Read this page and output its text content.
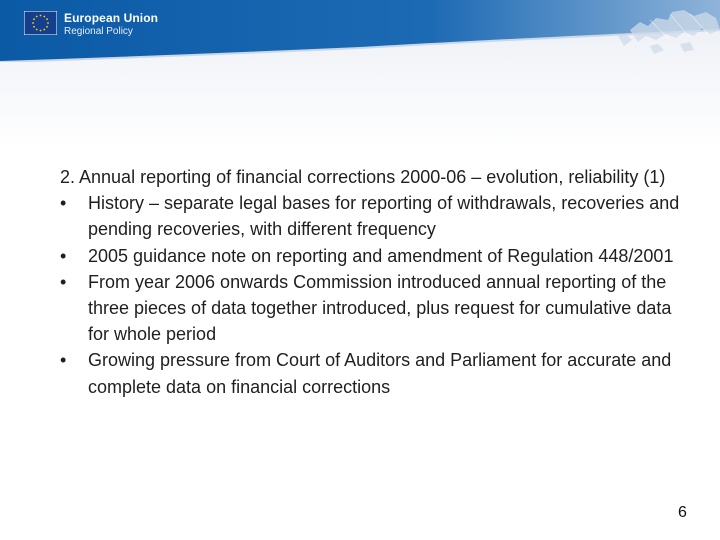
European Union
Regional Policy

2. Annual reporting of financial corrections 2000-06 – evolution, reliability (1)

•	History – separate legal bases for reporting of withdrawals, recoveries and pending recoveries, with different frequency
•	2005 guidance note on reporting and amendment of Regulation 448/2001
•	From year 2006 onwards Commission introduced annual reporting of the three pieces of data together introduced, plus request for cumulative data for whole period
•	Growing pressure from Court of Auditors and Parliament for accurate and complete data on financial corrections
6
